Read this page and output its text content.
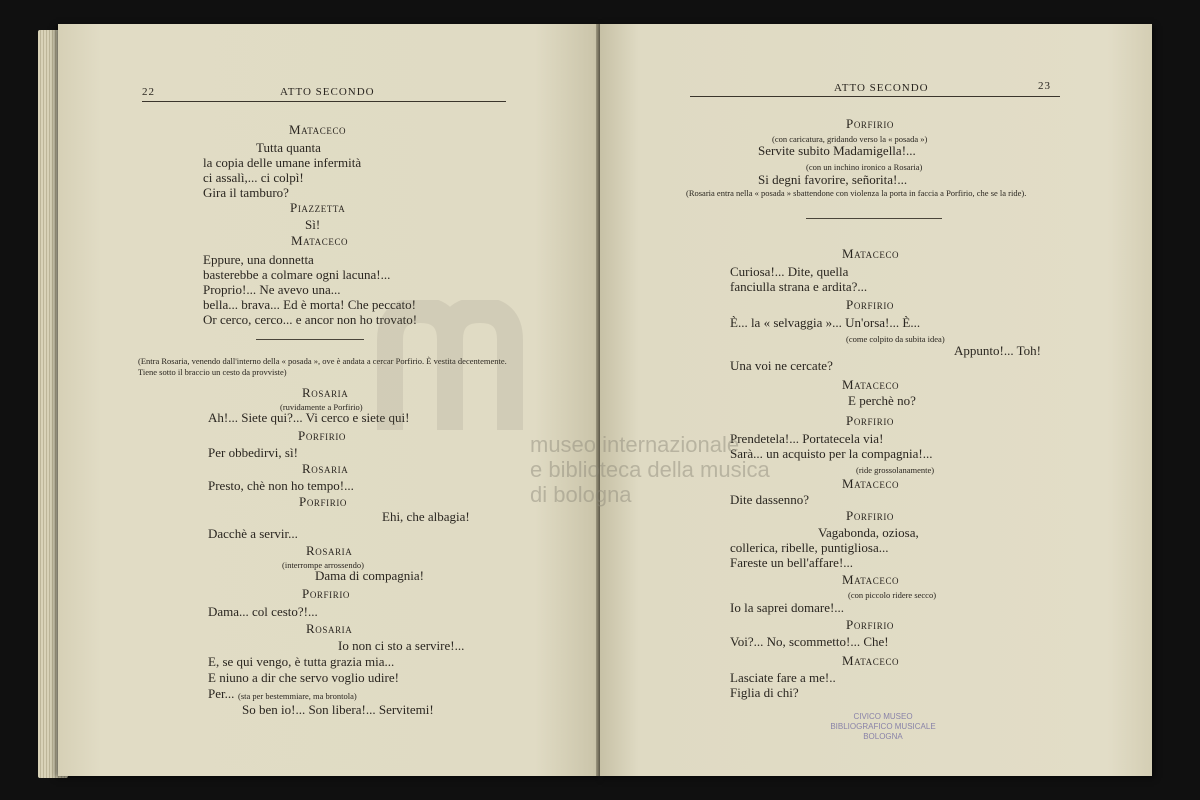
22	ATTO SECONDO
Mataceco
Tutta quanta
la copia delle umane infermità
ci assalì,... ci colpì!
Gira il tamburo?
Piazzetta
Sì!
Mataceco
Eppure, una donnetta
basterebbe a colmare ogni lacuna!...
Proprio!... Ne avevo una...
bella... brava... Ed è morta! Che peccato!
Or cerco, cerco... e ancor non ho trovato!
(Entra Rosaria, venendo dall'interno della « posada », ove è andata a cercar Porfirio. È vestita decentemente. Tiene sotto il braccio un cesto da provviste)
Rosaria
(ruvidamente a Porfirio)
Ah!... Siete qui?... Vi cerco e siete qui!
Porfirio
Per obbedirvi, sì!
Rosaria
Presto, chè non ho tempo!...
Porfirio
Ehi, che albagia!
Dacchè a servir...
Rosaria
(interrompe arrossendo)
Dama di compagnia!
Porfirio
Dama... col cesto?!...
Rosaria
Io non ci sto a servire!...
E, se qui vengo, è tutta grazia mia...
E niuno a dir che servo voglio udire!
Per... (sta per bestemmiare, ma brontola)
So ben io!... Son libera!... Servitemi!
ATTO SECONDO	23
Porfirio
(con caricatura, gridando verso la « posada »)
Servite subito Madamigella!...
(con un inchino ironico a Rosaria)
Si degni favorire, señorita!...
(Rosaria entra nella « posada » sbattendone con violenza la porta in faccia a Porfirio, che se la ride).
Mataceco
Curiosa!... Dite, quella
fanciulla strana e ardita?...
Porfirio
È... la « selvaggia »... Un'orsa!... È...
(come colpito da subita idea)
Appunto!... Toh!
Una voi ne cercate?
Mataceco
E perchè no?
Porfirio
Prendetela!... Portatecela via!
Sarà... un acquisto per la compagnia!...
(ride grossolanamente)
Mataceco
Dite dassenno?
Porfirio
Vagabonda, oziosa,
collerica, ribelle, puntigliosa...
Fareste un bell'affare!...
Mataceco
(con piccolo ridere secco)
Io la saprei domare!...
Porfirio
Voi?... No, scommetto!... Che!
Mataceco
Lasciate fare a me!..
Figlia di chi?
museo internazionale
e biblioteca della musica
di bologna
CIVICO MUSEO
BIBLIOGRAFICO MUSICALE
BOLOGNA
